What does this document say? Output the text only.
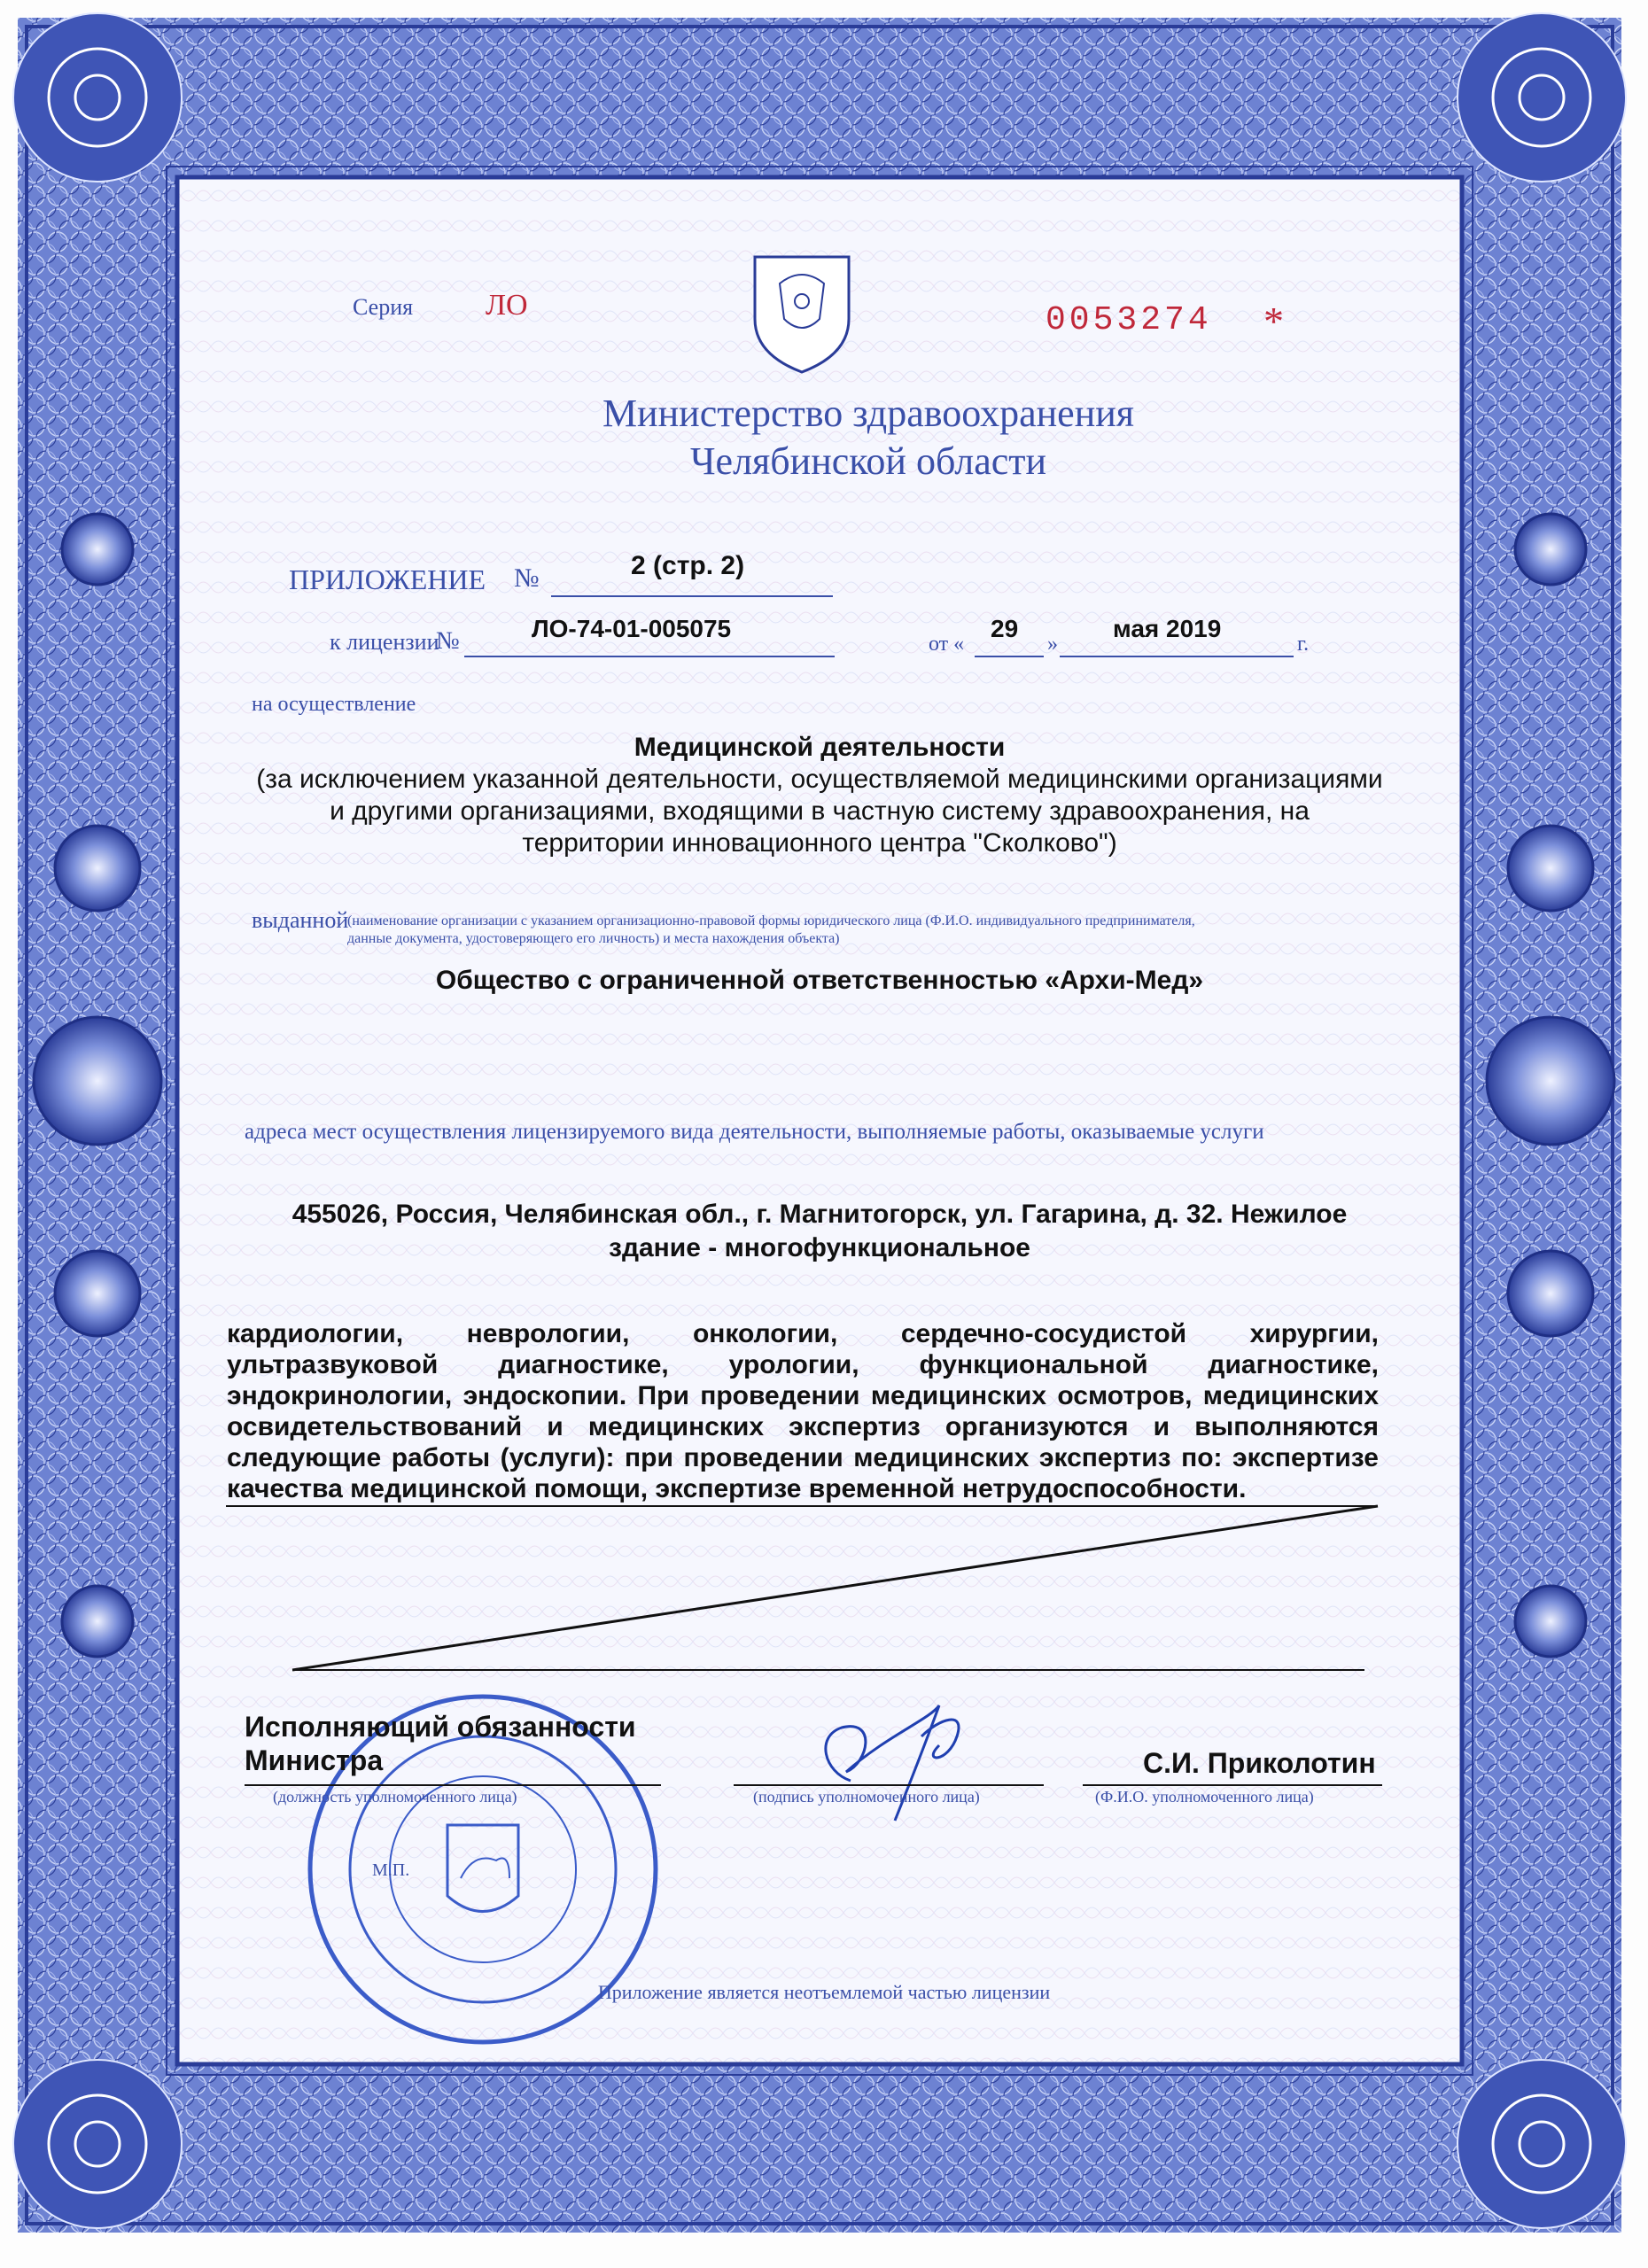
Серия ЛО	0053274 *
Министерство здравоохранения
Челябинской области
ПРИЛОЖЕНИЕ №	2 (стр. 2)
к лицензии
№	ЛО-74-01-005075
от «
29
»
мая 2019
г.
на осуществление
Медицинской деятельности
(за исключением указанной деятельности, осуществляемой медицинскими организациями
и другими организациями, входящими в частную систему здравоохранения, на
территории инновационного центра "Сколково")
выданной
(наименование организации с указанием организационно-правовой формы юридического лица (Ф.И.О. индивидуального предпринимателя,
данные документа, удостоверяющего его личность) и места нахождения объекта)
Общество с ограниченной ответственностью «Архи-Мед»
адреса мест осуществления лицензируемого вида деятельности, выполняемые работы, оказываемые услуги
455026, Россия, Челябинская обл., г. Магнитогорск, ул. Гагарина, д. 32. Нежилое
здание - многофункциональное
кардиологии, неврологии, онкологии, сердечно-сосудистой хирургии,
ультразвуковой диагностике, урологии, функциональной диагностике,
эндокринологии, эндоскопии. При проведении медицинских осмотров, медицинских
освидетельствований и медицинских экспертиз организуются и выполняются
следующие работы (услуги): при проведении медицинских экспертиз по: экспертизе
качества медицинской помощи, экспертизе временной нетрудоспособности.
Исполняющий обязанности
Министра
(должность уполномоченного лица)	(подпись уполномоченного лица)
С.И. Приколотин
(Ф.И.О. уполномоченного лица)
М.П.
Приложение является неотъемлемой частью лицензии
